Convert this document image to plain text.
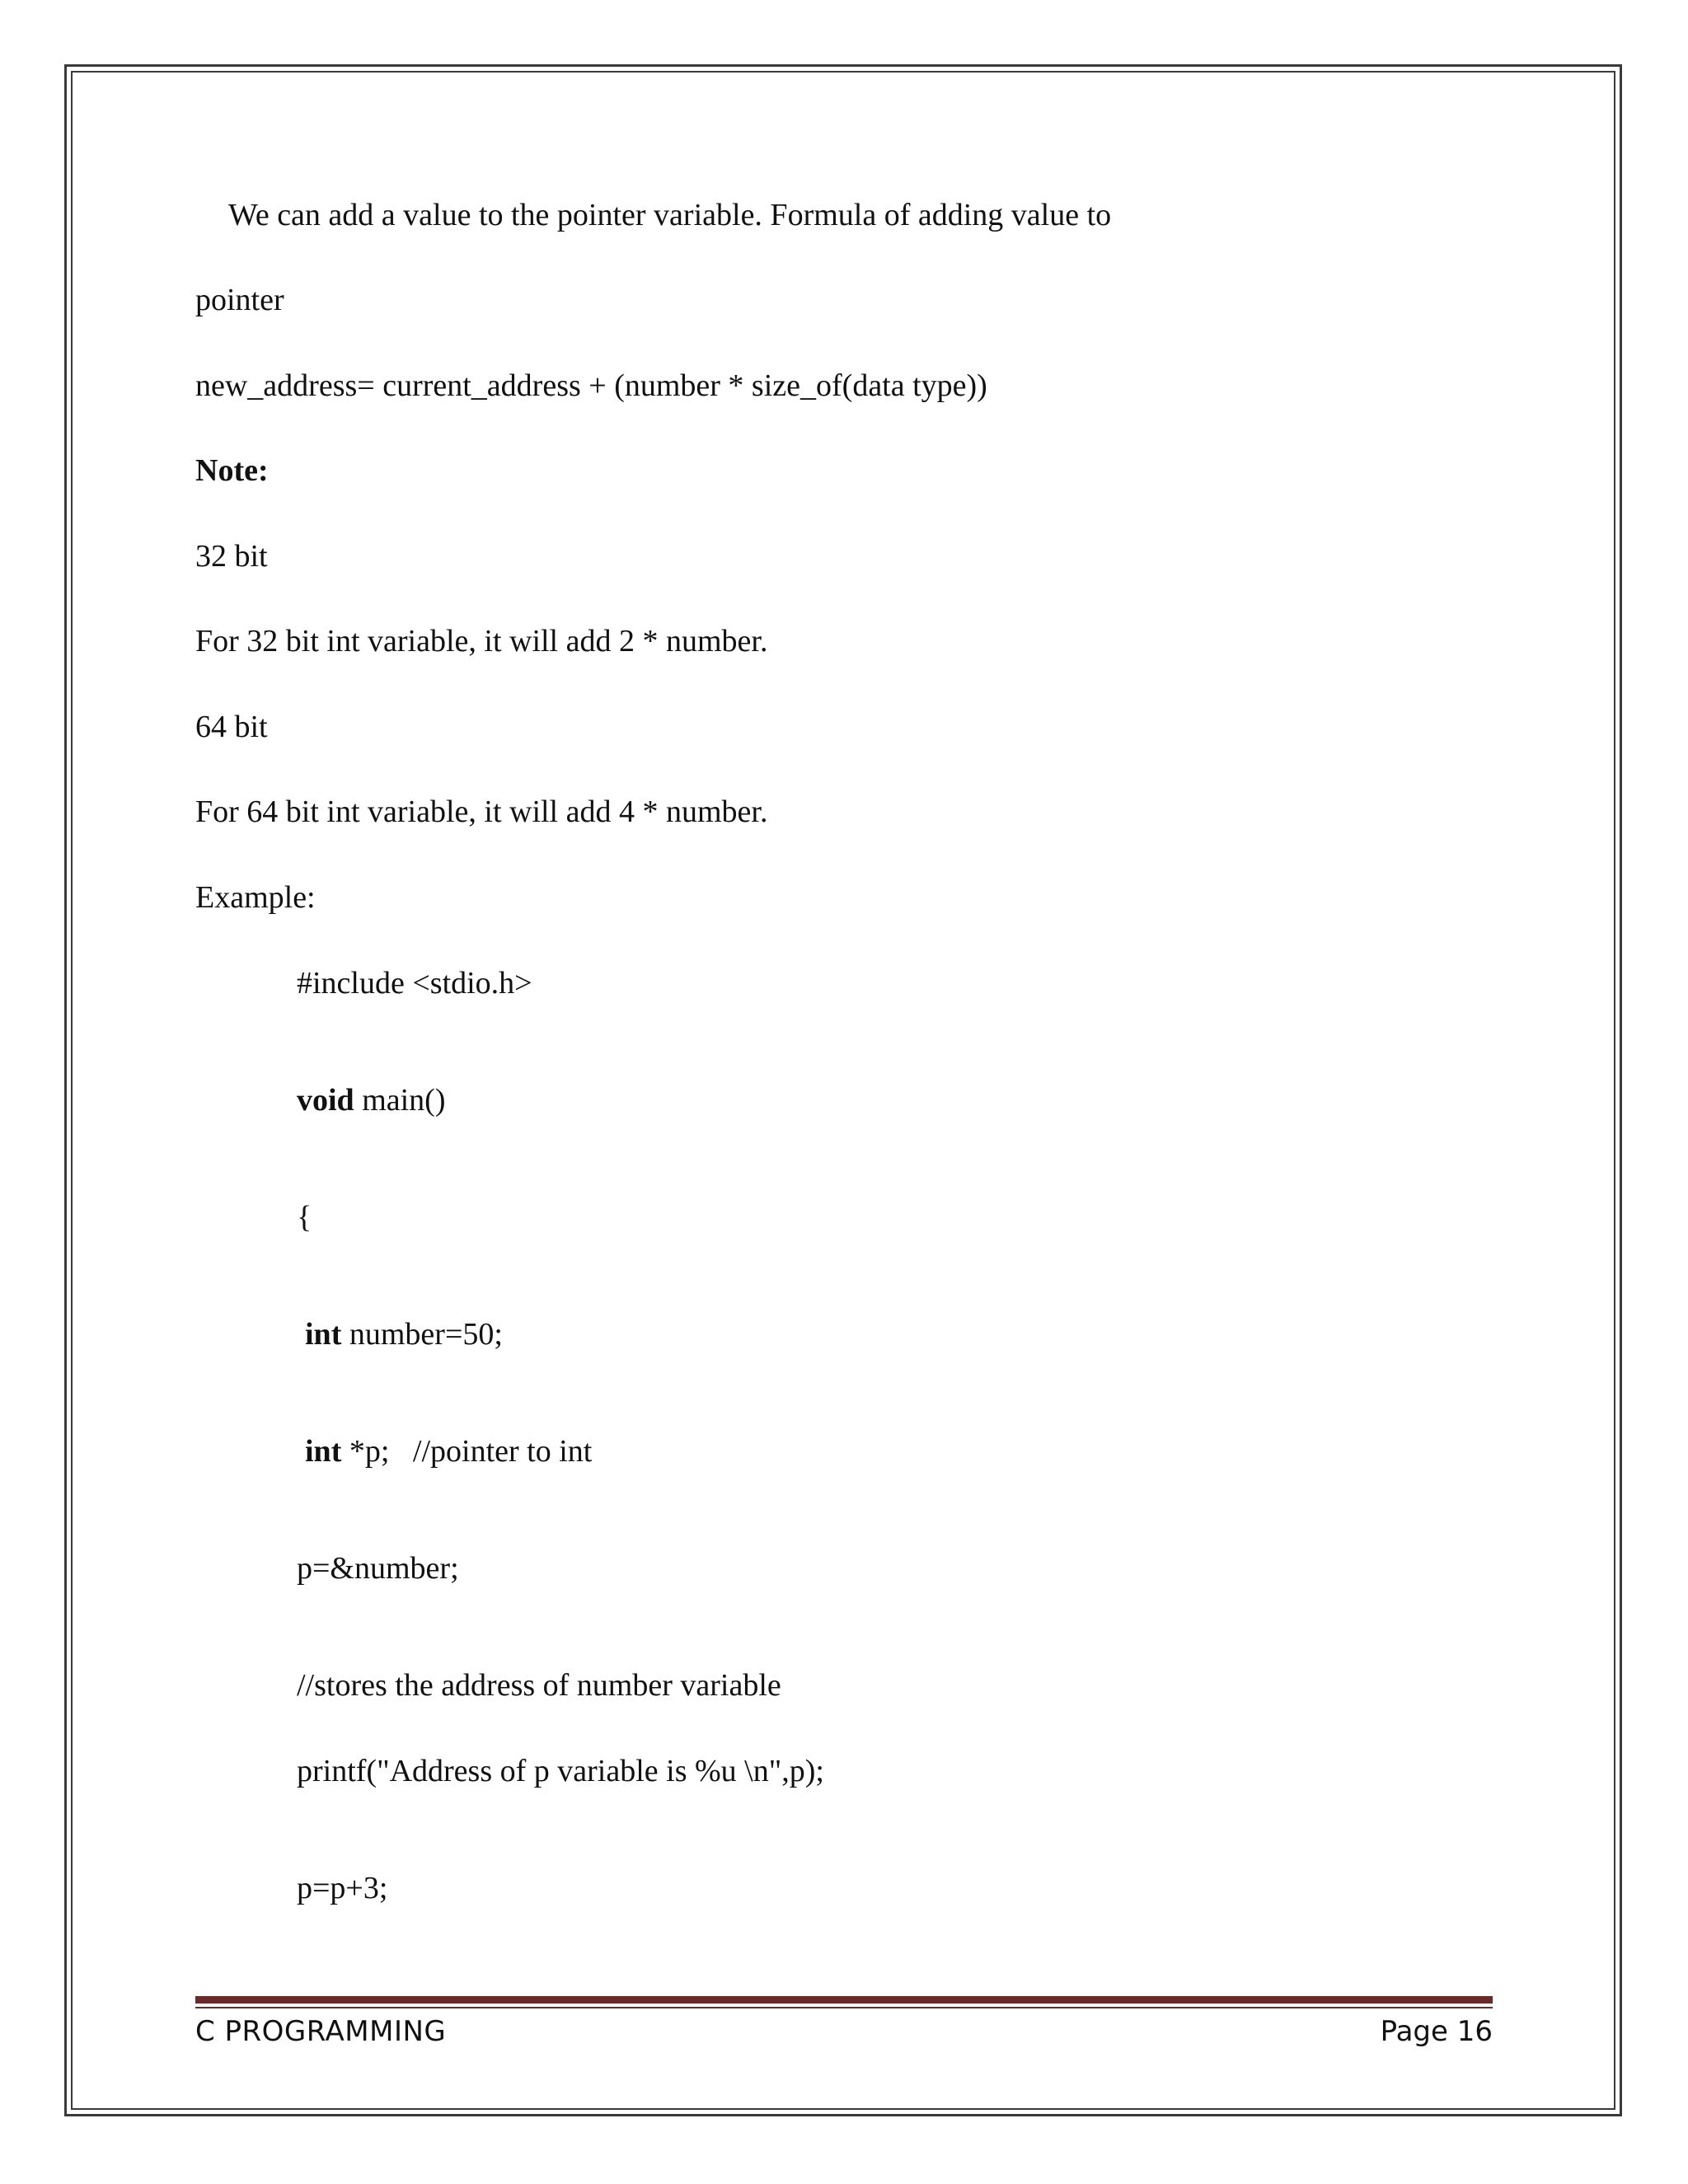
We can add a value to the pointer variable. Formula of adding value to
pointer
new_address= current_address + (number * size_of(data type))
Note:
32 bit
For 32 bit int variable, it will add 2 * number.
64 bit
For 64 bit int variable, it will add 4 * number.
Example:
#include <stdio.h>
void main()
{
int number=50;
int *p;   //pointer to int
p=&number;
//stores the address of number variable
printf("Address of p variable is %u \n",p);
p=p+3;
C PROGRAMMING	Page 16
